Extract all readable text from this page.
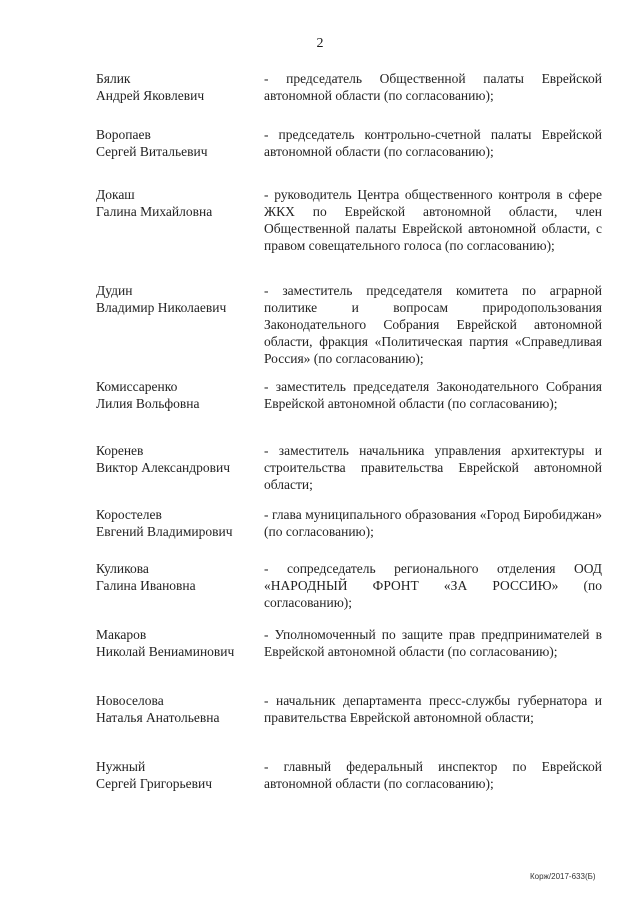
2
Бялик
Андрей Яковлевич
- председатель Общественной палаты Еврейской автономной области (по согласованию);
Воропаев
Сергей Витальевич
- председатель контрольно-счетной палаты Еврейской автономной области (по согласованию);
Докаш
Галина Михайловна
- руководитель Центра общественного контроля в сфере ЖКХ по Еврейской автономной области, член Общественной палаты Еврейской автономной области, с правом совещательного голоса (по согласованию);
Дудин
Владимир Николаевич
- заместитель председателя комитета по аграрной политике и вопросам природопользования Законодательного Собрания Еврейской автономной области, фракция «Политическая партия «Справедливая Россия» (по согласованию);
Комиссаренко
Лилия Вольфовна
- заместитель председателя Законодательного Собрания Еврейской автономной области (по согласованию);
Коренев
Виктор Александрович
- заместитель начальника управления архитектуры и строительства правительства Еврейской автономной области;
Коростелев
Евгений Владимирович
- глава муниципального образования «Город Биробиджан» (по согласованию);
Куликова
Галина Ивановна
- сопредседатель регионального отделения ООД «НАРОДНЫЙ ФРОНТ «ЗА РОССИЮ» (по согласованию);
Макаров
Николай Вениаминович
- Уполномоченный по защите прав предпринимателей в Еврейской автономной области (по согласованию);
Новоселова
Наталья Анатольевна
- начальник департамента пресс-службы губернатора и правительства Еврейской автономной области;
Нужный
Сергей Григорьевич
- главный федеральный инспектор по Еврейской автономной области (по согласованию);
Корж/2017-633(Б)
